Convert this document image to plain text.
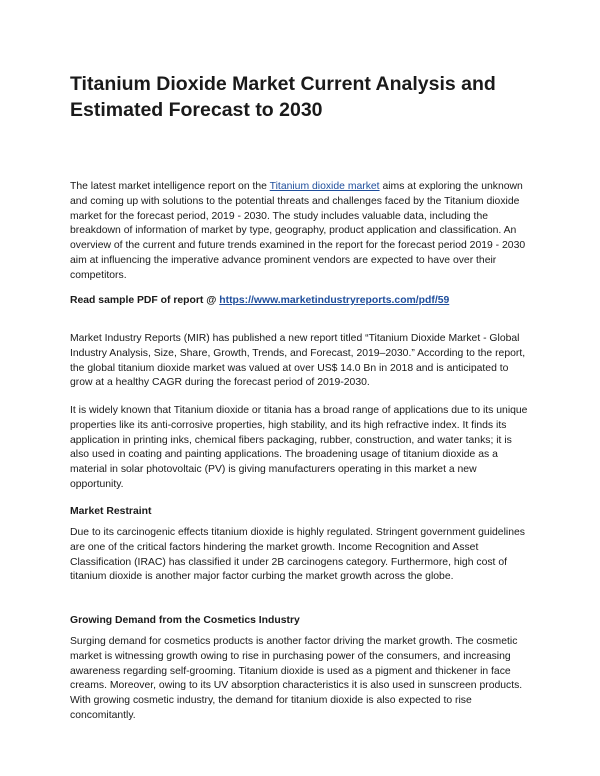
Titanium Dioxide Market Current Analysis and Estimated Forecast to 2030

The latest market intelligence report on the Titanium dioxide market aims at exploring the unknown and coming up with solutions to the potential threats and challenges faced by the Titanium dioxide market for the forecast period, 2019 - 2030. The study includes valuable data, including the breakdown of information of market by type, geography, product application and classification. An overview of the current and future trends examined in the report for the forecast period 2019 - 2030 aim at influencing the imperative advance prominent vendors are expected to have over their competitors.

Read sample PDF of report @ https://www.marketindustryreports.com/pdf/59

Market Industry Reports (MIR) has published a new report titled “Titanium Dioxide Market - Global Industry Analysis, Size, Share, Growth, Trends, and Forecast, 2019–2030.” According to the report, the global titanium dioxide market was valued at over US$ 14.0 Bn in 2018 and is anticipated to grow at a healthy CAGR during the forecast period of 2019-2030.

It is widely known that Titanium dioxide or titania has a broad range of applications due to its unique properties like its anti-corrosive properties, high stability, and its high refractive index. It finds its application in printing inks, chemical fibers packaging, rubber, construction, and water tanks; it is also used in coating and painting applications. The broadening usage of titanium dioxide as a material in solar photovoltaic (PV) is giving manufacturers operating in this market a new opportunity.

Market Restraint

Due to its carcinogenic effects titanium dioxide is highly regulated. Stringent government guidelines are one of the critical factors hindering the market growth. Income Recognition and Asset Classification (IRAC) has classified it under 2B carcinogens category. Furthermore, high cost of titanium dioxide is another major factor curbing the market growth across the globe.

Growing Demand from the Cosmetics Industry

Surging demand for cosmetics products is another factor driving the market growth. The cosmetic market is witnessing growth owing to rise in purchasing power of the consumers, and increasing awareness regarding self-grooming. Titanium dioxide is used as a pigment and thickener in face creams. Moreover, owing to its UV absorption characteristics it is also used in sunscreen products. With growing cosmetic industry, the demand for titanium dioxide is also expected to rise concomitantly.
